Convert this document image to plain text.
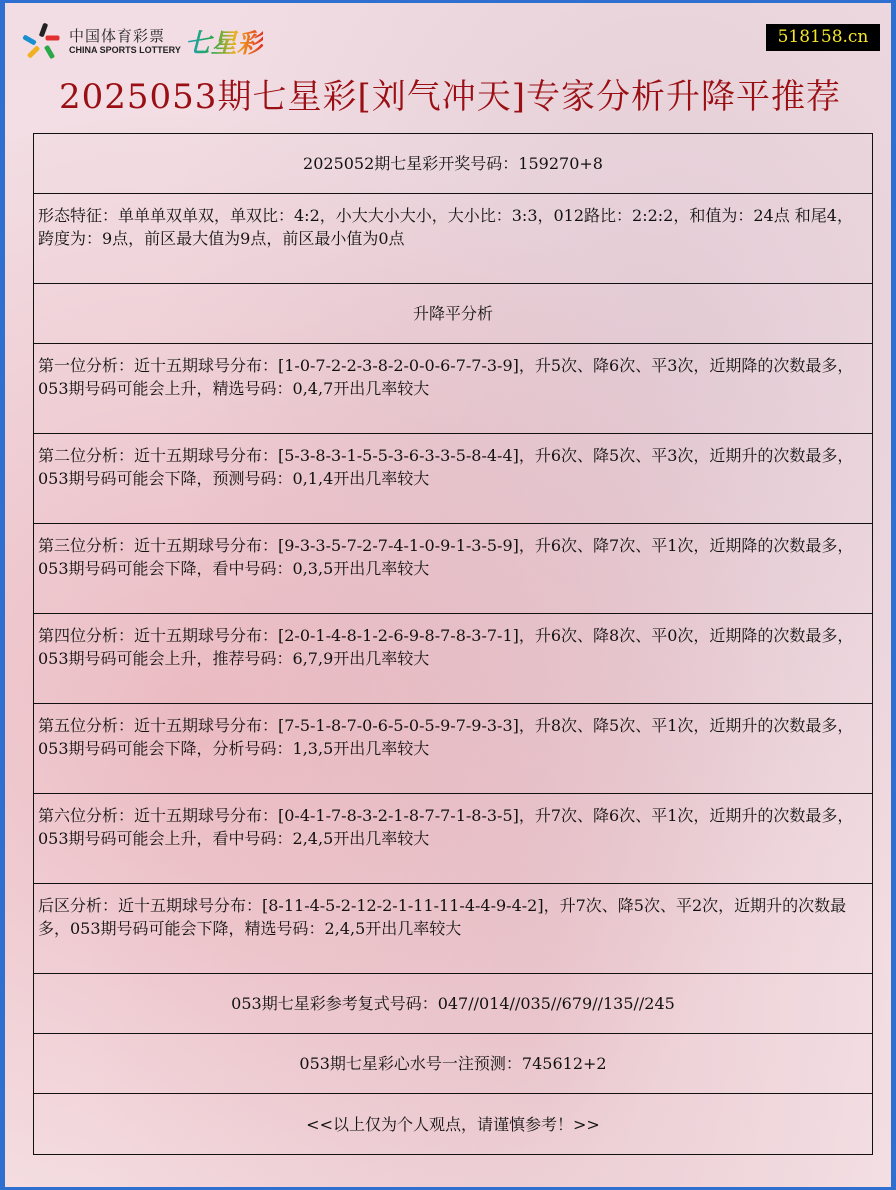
中国体育彩票
CHINA SPORTS LOTTERY 七星彩	518158.cn
2025053期七星彩[刘气冲天]专家分析升降平推荐
2025052期七星彩开奖号码：159270+8
形态特征：单单单双单双，单双比：4:2，小大大小大小，大小比：3:3，012路比：2:2:2，和值为：24点 和尾4，跨度为：9点，前区最大值为9点，前区最小值为0点
升降平分析
第一位分析：近十五期球号分布：[1-0-7-2-2-3-8-2-0-0-6-7-7-3-9]，升5次、降6次、平3次，近期降的次数最多，053期号码可能会上升，精选号码：0,4,7开出几率较大
第二位分析：近十五期球号分布：[5-3-8-3-1-5-5-3-6-3-3-5-8-4-4]，升6次、降5次、平3次，近期升的次数最多，053期号码可能会下降，预测号码：0,1,4开出几率较大
第三位分析：近十五期球号分布：[9-3-3-5-7-2-7-4-1-0-9-1-3-5-9]，升6次、降7次、平1次，近期降的次数最多，053期号码可能会下降，看中号码：0,3,5开出几率较大
第四位分析：近十五期球号分布：[2-0-1-4-8-1-2-6-9-8-7-8-3-7-1]，升6次、降8次、平0次，近期降的次数最多，053期号码可能会上升，推荐号码：6,7,9开出几率较大
第五位分析：近十五期球号分布：[7-5-1-8-7-0-6-5-0-5-9-7-9-3-3]，升8次、降5次、平1次，近期升的次数最多，053期号码可能会下降，分析号码：1,3,5开出几率较大
第六位分析：近十五期球号分布：[0-4-1-7-8-3-2-1-8-7-7-1-8-3-5]，升7次、降6次、平1次，近期升的次数最多，053期号码可能会上升，看中号码：2,4,5开出几率较大
后区分析：近十五期球号分布：[8-11-4-5-2-12-2-1-11-11-4-4-9-4-2]，升7次、降5次、平2次，近期升的次数最多，053期号码可能会下降，精选号码：2,4,5开出几率较大
053期七星彩参考复式号码：047//014//035//679//135//245
053期七星彩心水号一注预测：745612+2
<<以上仅为个人观点，请谨慎参考！>>
